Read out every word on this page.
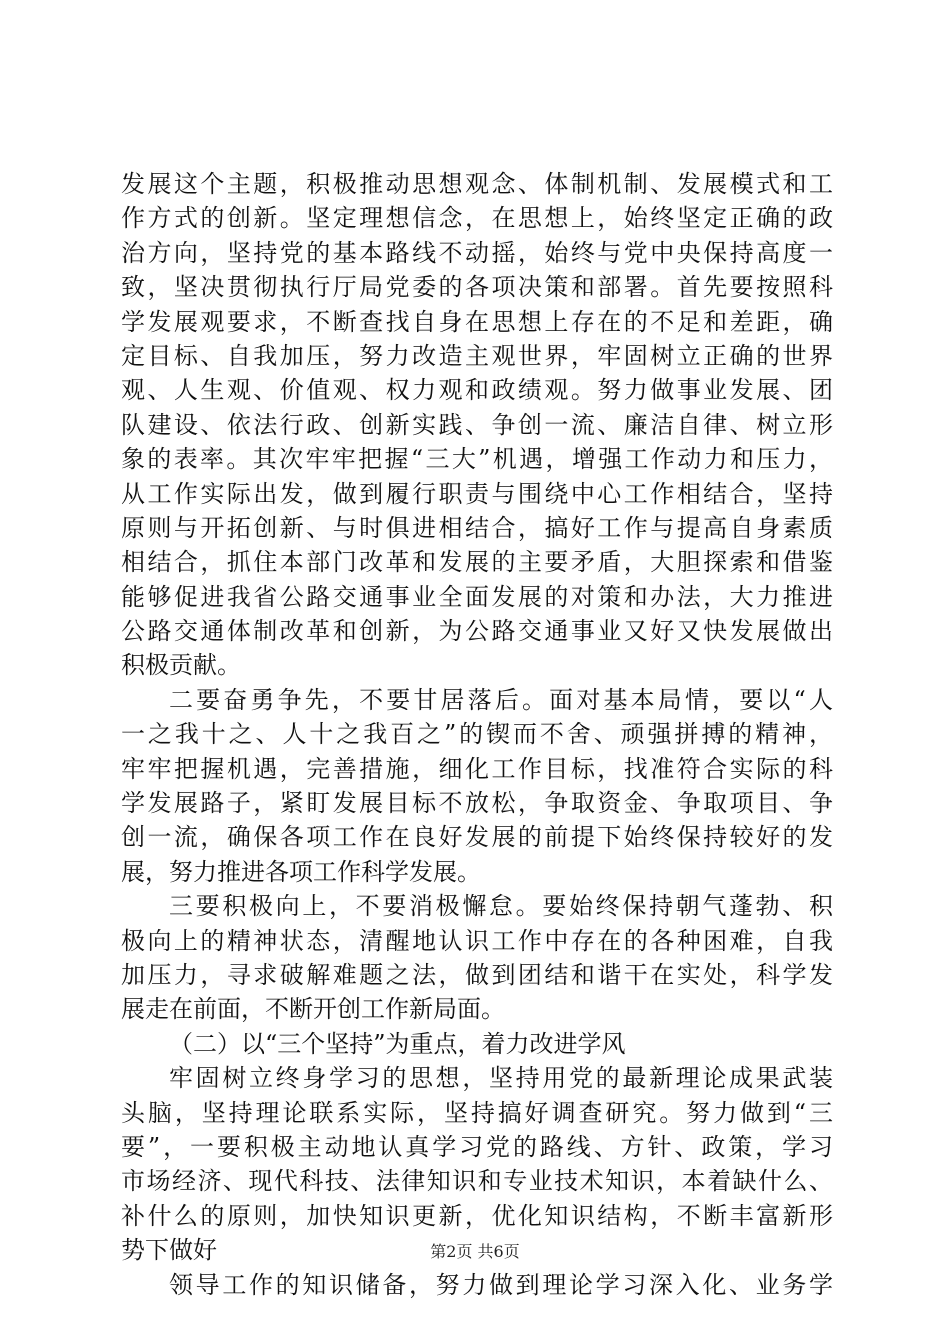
发展这个主题，积极推动思想观念、体制机制、发展模式和工
作方式的创新。坚定理想信念，在思想上，始终坚定正确的政
治方向，坚持党的基本路线不动摇，始终与党中央保持高度一
致，坚决贯彻执行厅局党委的各项决策和部署。首先要按照科
学发展观要求，不断查找自身在思想上存在的不足和差距，确
定目标、自我加压，努力改造主观世界，牢固树立正确的世界
观、人生观、价值观、权力观和政绩观。努力做事业发展、团
队建设、依法行政、创新实践、争创一流、廉洁自律、树立形
象的表率。其次牢牢把握“三大”机遇，增强工作动力和压力，
从工作实际出发，做到履行职责与围绕中心工作相结合，坚持
原则与开拓创新、与时俱进相结合，搞好工作与提高自身素质
相结合，抓住本部门改革和发展的主要矛盾，大胆探索和借鉴
能够促进我省公路交通事业全面发展的对策和办法，大力推进
公路交通体制改革和创新，为公路交通事业又好又快发展做出
积极贡献。
二要奋勇争先，不要甘居落后。面对基本局情，要以“人
一之我十之、人十之我百之”的锲而不舍、顽强拼搏的精神，
牢牢把握机遇，完善措施，细化工作目标，找准符合实际的科
学发展路子，紧盯发展目标不放松，争取资金、争取项目、争
创一流，确保各项工作在良好发展的前提下始终保持较好的发
展，努力推进各项工作科学发展。
三要积极向上，不要消极懈怠。要始终保持朝气蓬勃、积
极向上的精神状态，清醒地认识工作中存在的各种困难，自我
加压力，寻求破解难题之法，做到团结和谐干在实处，科学发
展走在前面，不断开创工作新局面。
（二）以“三个坚持”为重点，着力改进学风
牢固树立终身学习的思想，坚持用党的最新理论成果武装
头脑，坚持理论联系实际，坚持搞好调查研究。努力做到“三
要”，一要积极主动地认真学习党的路线、方针、政策，学习
市场经济、现代科技、法律知识和专业技术知识，本着缺什么、
补什么的原则，加快知识更新，优化知识结构，不断丰富新形
势下做好
领导工作的知识储备，努力做到理论学习深入化、业务学
第2页 共6页
